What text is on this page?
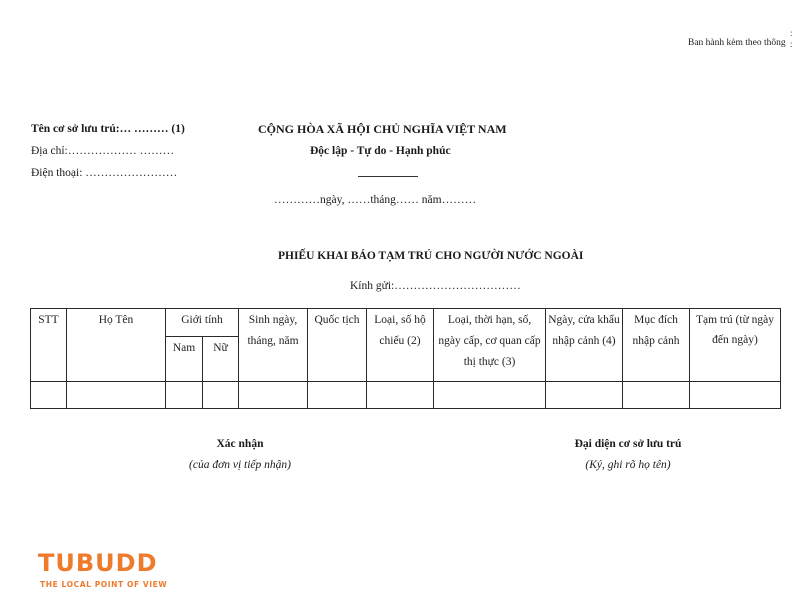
:
:
Ban hành kèm theo thông
Tên cơ sở lưu trú:… ……… (1)
Địa chỉ:……………… ………
Điện thoại: ……………………
CỘNG HÒA XÃ HỘI CHỦ NGHĨA VIỆT NAM
Độc lập - Tự do - Hạnh phúc
…………ngày, ……tháng…… năm………
PHIẾU KHAI BÁO TẠM TRÚ CHO NGƯỜI NƯỚC NGOÀI
Kính gửi:……………………………
STT	Họ Tên	Giới tính		Sinh ngày, tháng, năm	Quốc tịch	Loại, số hộ chiếu (2)	Loại, thời hạn, số, ngày cấp, cơ quan cấp thị thực (3)	Ngày, cửa khẩu nhập cảnh (4)	Mục đích nhập cảnh	Tạm trú (từ ngày đến ngày)
		Nam	Nữ							

Xác nhận
(của đơn vị tiếp nhận)
Đại diện cơ sở lưu trú
(Ký, ghi rõ họ tên)
TUBUDD
THE LOCAL POINT OF VIEW
